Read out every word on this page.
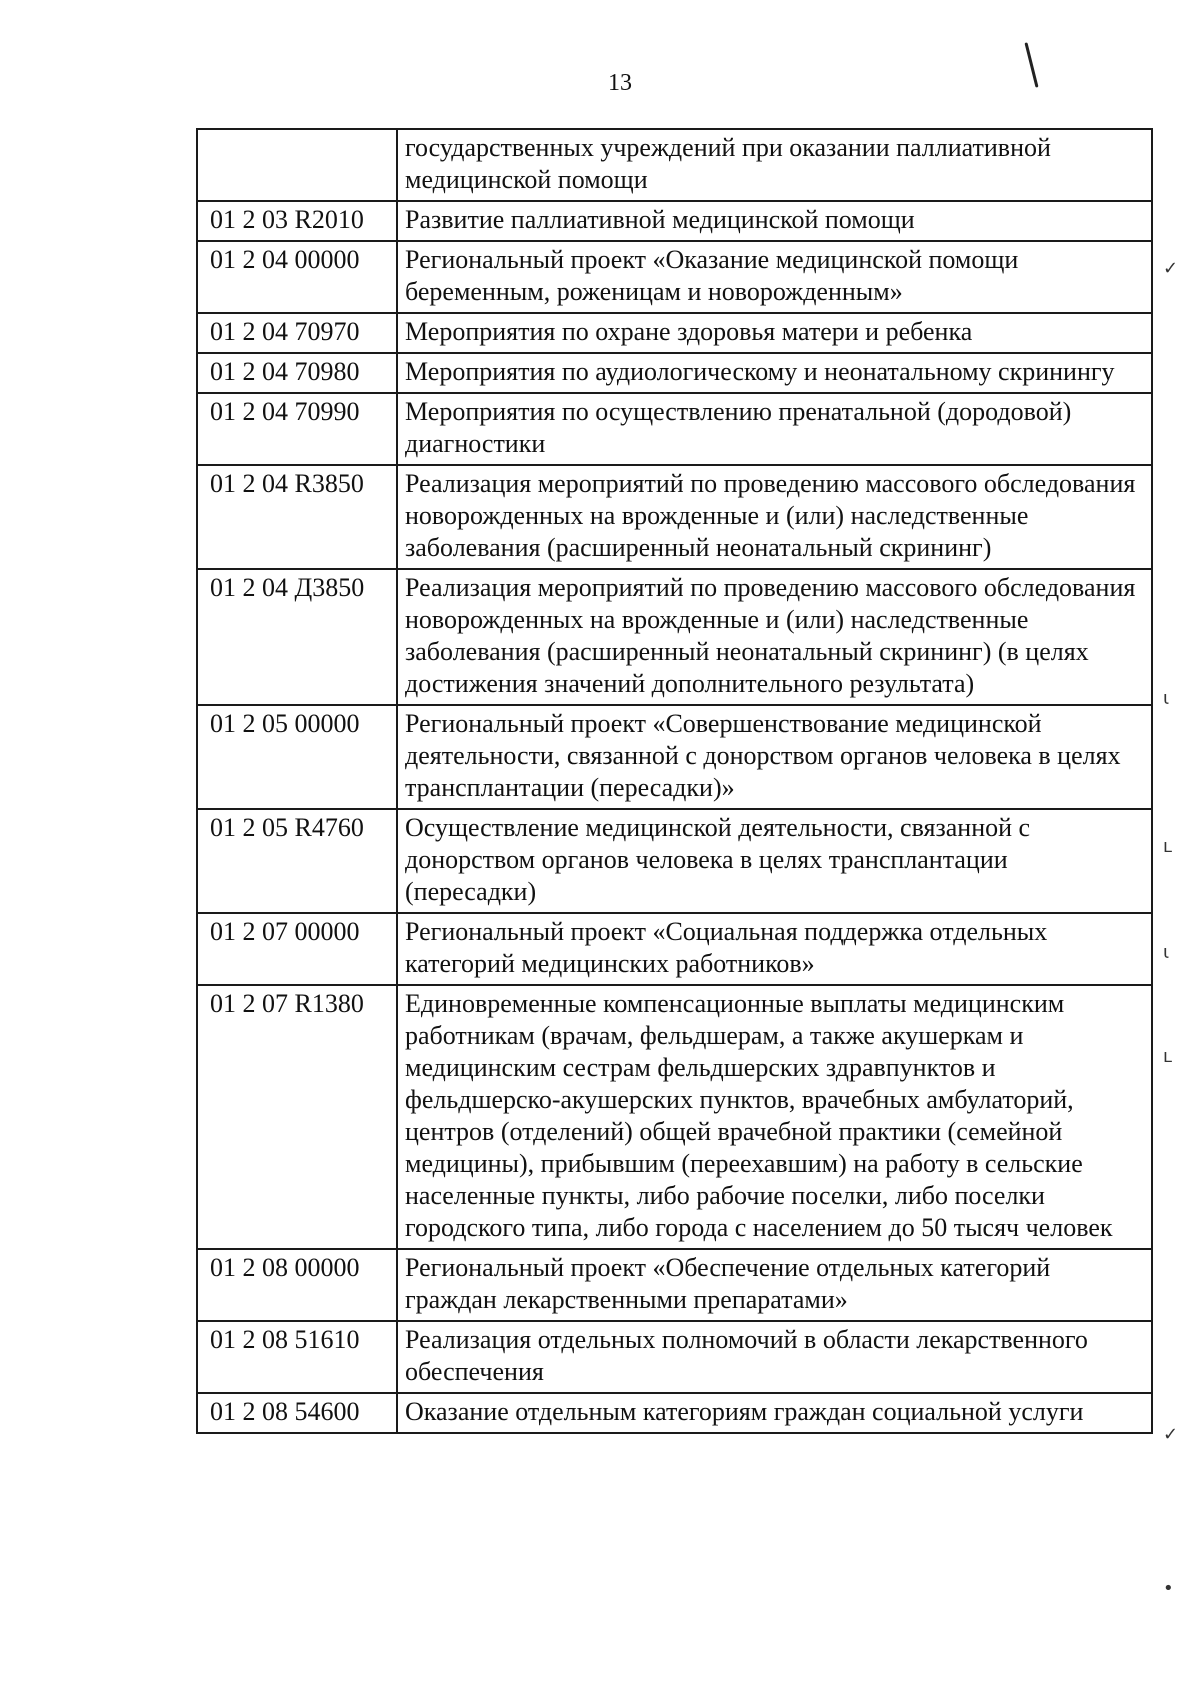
13
	государственных учреждений при оказании паллиативной медицинской помощи
01 2 03 R2010	Развитие паллиативной медицинской помощи
01 2 04 00000	Региональный проект «Оказание медицинской помощи беременным, роженицам и новорожденным»
01 2 04 70970	Мероприятия по охране здоровья матери и ребенка
01 2 04 70980	Мероприятия по аудиологическому и неонатальному скринингу
01 2 04 70990	Мероприятия по осуществлению пренатальной (дородовой) диагностики
01 2 04 R3850	Реализация мероприятий по проведению массового обследования новорожденных на врожденные и (или) наследственные заболевания (расширенный неонатальный скрининг)
01 2 04 Д3850	Реализация мероприятий по проведению массового обследования новорожденных на врожденные и (или) наследственные заболевания (расширенный неонатальный скрининг) (в целях достижения значений дополнительного результата)
01 2 05 00000	Региональный проект «Совершенствование медицинской деятельности, связанной с донорством органов человека в целях трансплантации (пересадки)»
01 2 05 R4760	Осуществление медицинской деятельности, связанной с донорством органов человека в целях трансплантации (пересадки)
01 2 07 00000	Региональный проект «Социальная поддержка отдельных категорий медицинских работников»
01 2 07 R1380	Единовременные компенсационные выплаты медицинским работникам (врачам, фельдшерам, а также акушеркам и медицинским сестрам фельдшерских здравпунктов и фельдшерско-акушерских пунктов, врачебных амбулаторий, центров (отделений) общей врачебной практики (семейной медицины), прибывшим (переехавшим) на работу в сельские населенные пункты, либо рабочие поселки, либо поселки городского типа, либо города с населением до 50 тысяч человек
01 2 08 00000	Региональный проект «Обеспечение отдельных категорий граждан лекарственными препаратами»
01 2 08 51610	Реализация отдельных полномочий в области лекарственного обеспечения
01 2 08 54600	Оказание отдельным категориям граждан социальной услуги
✓
ι
ʟ
ι
ʟ
✓
•
